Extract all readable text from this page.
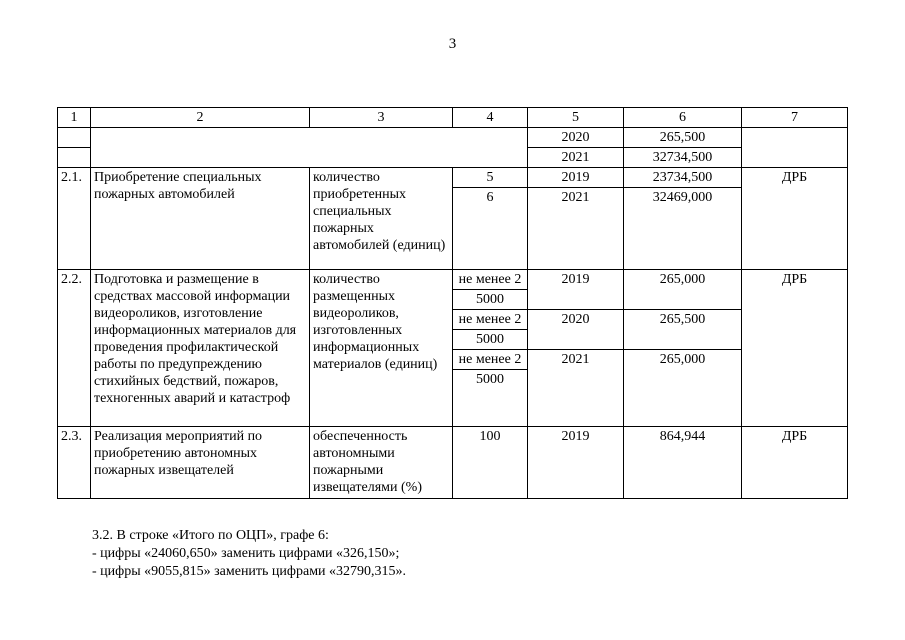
3
1	2	3	4	5	6	7
				2020	265,500	
				2021	32734,500	
2.1.	Приобретение специальных пожарных автомобилей	количество приобретенных специальных пожарных автомобилей (единиц)	5	2019	23734,500	ДРБ
			6	2021	32469,000	
2.2.	Подготовка и размещение в средствах массовой информации видеороликов, изготовление информационных материалов для проведения профилактической работы по предупреждению стихийных бедствий, пожаров, техногенных аварий и катастроф	количество размещенных видеороликов, изготовленных информационных материалов (единиц)	не менее 2	2019	265,000	ДРБ
			5000			
			не менее 2	2020	265,500	
			5000			
			не менее 2	2021	265,000	
			5000			
2.3.	Реализация мероприятий по приобретению автономных пожарных извещателей	обеспеченность автономными пожарными извещателями (%)	100	2019	864,944	ДРБ
3.2. В строке «Итого по ОЦП», графе 6:
- цифры «24060,650» заменить цифрами «326,150»;
- цифры «9055,815» заменить цифрами «32790,315».
